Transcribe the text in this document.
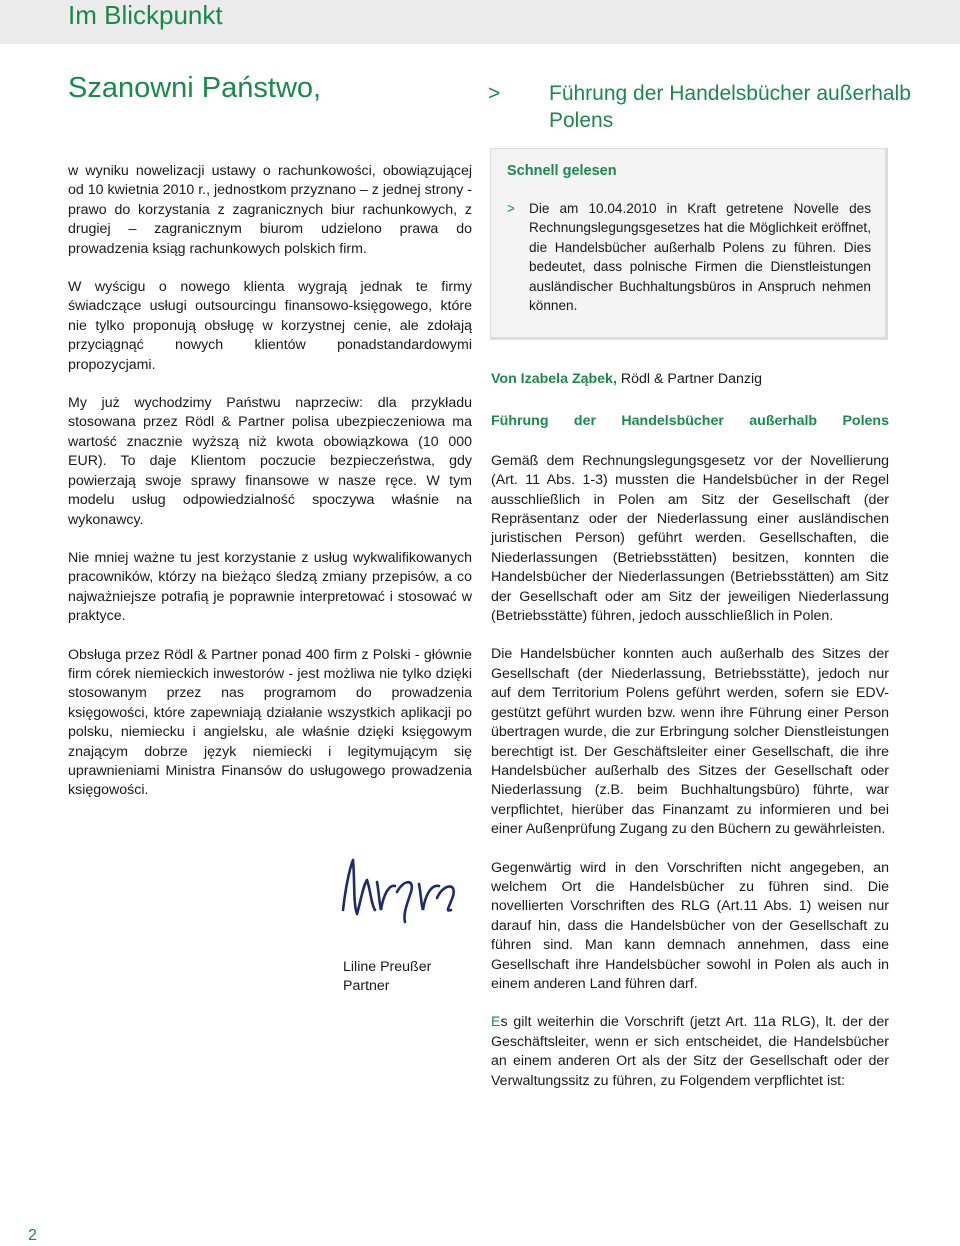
Im Blickpunkt
Szanowni Państwo,	> Führung der Handelsbücher außerhalb Polens

w wyniku nowelizacji ustawy o rachunkowości, obowiązującej od 10 kwietnia 2010 r., jednostkom przyznano – z jednej strony - prawo do korzystania z zagranicznych biur rachunkowych, z drugiej – zagranicznym biurom udzielono prawa do prowadzenia ksiąg rachunkowych polskich firm.

W wyścigu o nowego klienta wygrają jednak te firmy świadczące usługi outsourcingu finansowo-księgowego, które nie tylko proponują obsługę w korzystnej cenie, ale zdołają przyciągnąć nowych klientów ponadstandardowymi propozycjami.

My już wychodzimy Państwu naprzeciw: dla przykładu stosowana przez Rödl & Partner polisa ubezpieczeniowa ma wartość znacznie wyższą niż kwota obowiązkowa (10 000 EUR). To daje Klientom poczucie bezpieczeństwa, gdy powierzają swoje sprawy finansowe w nasze ręce. W tym modelu usług odpowiedzialność spoczywa właśnie na wykonawcy.

Nie mniej ważne tu jest korzystanie z usług wykwalifikowanych pracowników, którzy na bieżąco śledzą zmiany przepisów, a co najważniejsze potrafią je poprawnie interpretować i stosować w praktyce.

Obsługa przez Rödl & Partner ponad 400 firm z Polski - głównie firm córek niemieckich inwestorów - jest możliwa nie tylko dzięki stosowanym przez nas programom do prowadzenia księgowości, które zapewniają działanie wszystkich aplikacji po polsku, niemiecku i angielsku, ale właśnie dzięki księgowym znającym dobrze język niemiecki i legitymującym się uprawnieniami Ministra Finansów do usługowego prowadzenia księgowości.

Liline Preußer
Partner
Schnell gelesen
> Die am 10.04.2010 in Kraft getretene Novelle des Rechnungslegungsgesetzes hat die Möglichkeit eröffnet, die Handelsbücher außerhalb Polens zu führen. Dies bedeutet, dass polnische Firmen die Dienstleistungen ausländischer Buchhaltungsbüros in Anspruch nehmen können.

Von Izabela Ząbek, Rödl & Partner Danzig

Führung der Handelsbücher außerhalb Polens

Gemäß dem Rechnungslegungsgesetz vor der Novellierung (Art. 11 Abs. 1-3) mussten die Handelsbücher in der Regel ausschließlich in Polen am Sitz der Gesellschaft (der Repräsentanz oder der Niederlassung einer ausländischen juristischen Person) geführt werden. Gesellschaften, die Niederlassungen (Betriebsstätten) besitzen, konnten die Handelsbücher der Niederlassungen (Betriebsstätten) am Sitz der Gesellschaft oder am Sitz der jeweiligen Niederlassung (Betriebsstätte) führen, jedoch ausschließlich in Polen.

Die Handelsbücher konnten auch außerhalb des Sitzes der Gesellschaft (der Niederlassung, Betriebsstätte), jedoch nur auf dem Territorium Polens geführt werden, sofern sie EDV-gestützt geführt wurden bzw. wenn ihre Führung einer Person übertragen wurde, die zur Erbringung solcher Dienstleistungen berechtigt ist. Der Geschäftsleiter einer Gesellschaft, die ihre Handelsbücher außerhalb des Sitzes der Gesellschaft oder Niederlassung (z.B. beim Buchhaltungsbüro) führte, war verpflichtet, hierüber das Finanzamt zu informieren und bei einer Außenprüfung Zugang zu den Büchern zu gewährleisten.

Gegenwärtig wird in den Vorschriften nicht angegeben, an welchem Ort die Handelsbücher zu führen sind. Die novellierten Vorschriften des RLG (Art.11 Abs. 1) weisen nur darauf hin, dass die Handelsbücher von der Gesellschaft zu führen sind. Man kann demnach annehmen, dass eine Gesellschaft ihre Handelsbücher sowohl in Polen als auch in einem anderen Land führen darf.

Es gilt weiterhin die Vorschrift (jetzt Art. 11a RLG), lt. der der Geschäftsleiter, wenn er sich entscheidet, die Handelsbücher an einem anderen Ort als der Sitz der Gesellschaft oder der Verwaltungssitz zu führen, zu Folgendem verpflichtet ist:

2
